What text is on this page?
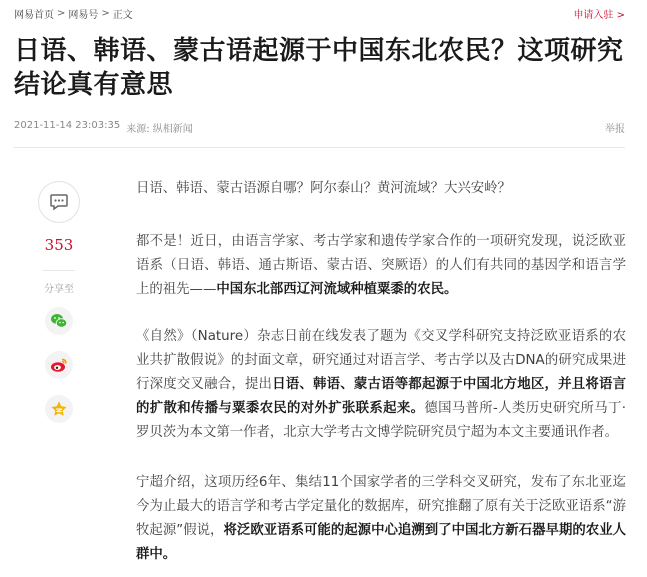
网易首页 > 网易号 > 正文	申请入驻 >
日语、韩语、蒙古语起源于中国东北农民？这项研究结论真有意思
2021-11-14 23:03:35 来源: 纵相新闻	举报
353
分享至

日语、韩语、蒙古语源自哪？阿尔泰山？黄河流域？大兴安岭？

都不是！近日，由语言学家、考古学家和遗传学家合作的一项研究发现，说泛欧亚语系（日语、韩语、通古斯语、蒙古语、突厥语）的人们有共同的基因学和语言学上的祖先——中国东北部西辽河流域种植粟黍的农民。

《自然》（Nature）杂志日前在线发表了题为《交叉学科研究支持泛欧亚语系的农业共扩散假说》的封面文章，研究通过对语言学、考古学以及古DNA的研究成果进行深度交叉融合，提出日语、韩语、蒙古语等都起源于中国北方地区，并且将语言的扩散和传播与粟黍农民的对外扩张联系起来。德国马普所-人类历史研究所马丁·罗贝茨为本文第一作者，北京大学考古文博学院研究员宁超为本文主要通讯作者。

宁超介绍，这项历经6年、集结11个国家学者的三学科交叉研究，发布了东北亚迄今为止最大的语言学和考古学定量化的数据库，研究推翻了原有关于泛欧亚语系“游牧起源”假说，将泛欧亚语系可能的起源中心追溯到了中国北方新石器早期的农业人群中。
